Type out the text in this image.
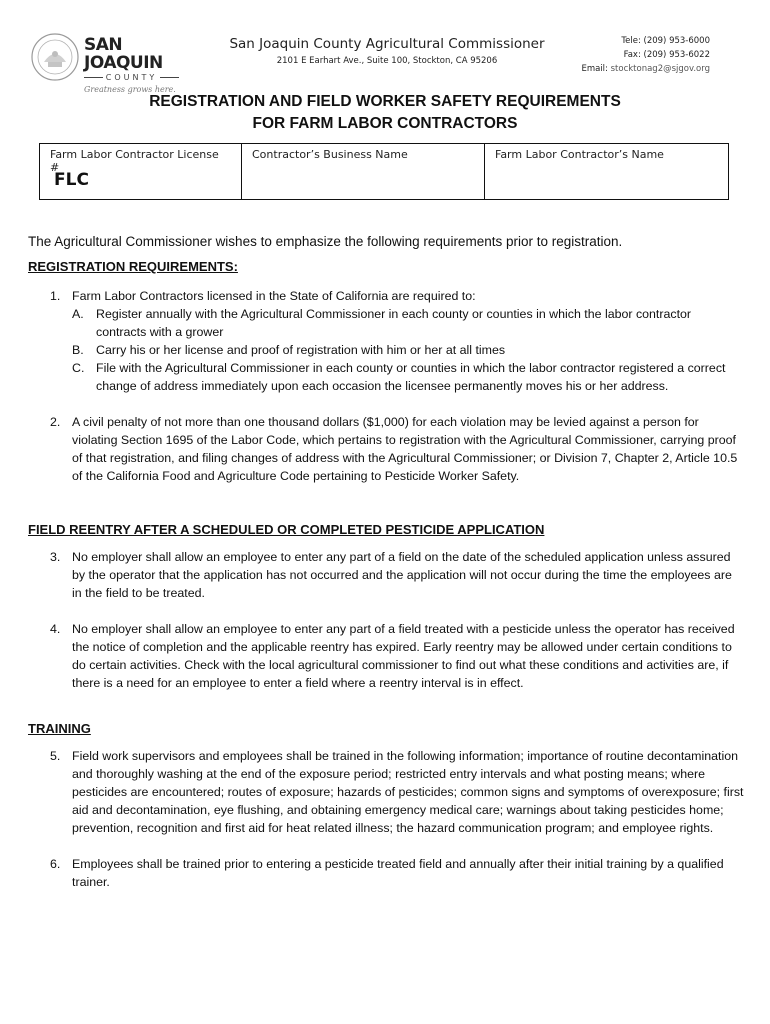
SAN JOAQUIN
COUNTY
Greatness grows here.
San Joaquin County Agricultural Commissioner
2101 E Earhart Ave., Suite 100, Stockton, CA 95206
Tele: (209) 953-6000
Fax: (209) 953-6022
Email: stocktonag2@sjgov.org
REGISTRATION AND FIELD WORKER SAFETY REQUIREMENTS
FOR FARM LABOR CONTRACTORS
Farm Labor Contractor License #
FLC
Contractor’s Business Name	Farm Labor Contractor’s Name

The Agricultural Commissioner wishes to emphasize the following requirements prior to registration.

REGISTRATION REQUIREMENTS:

1. Farm Labor Contractors licensed in the State of California are required to:
A. Register annually with the Agricultural Commissioner in each county or counties in which the labor contractor contracts with a grower
B. Carry his or her license and proof of registration with him or her at all times
C. File with the Agricultural Commissioner in each county or counties in which the labor contractor registered a correct change of address immediately upon each occasion the licensee permanently moves his or her address.
2. A civil penalty of not more than one thousand dollars ($1,000) for each violation may be levied against a person for violating Section 1695 of the Labor Code, which pertains to registration with the Agricultural Commissioner, carrying proof of that registration, and filing changes of address with the Agricultural Commissioner; or Division 7, Chapter 2, Article 10.5 of the California Food and Agriculture Code pertaining to Pesticide Worker Safety.

FIELD REENTRY AFTER A SCHEDULED OR COMPLETED PESTICIDE APPLICATION

3. No employer shall allow an employee to enter any part of a field on the date of the scheduled application unless assured by the operator that the application has not occurred and the application will not occur during the time the employees are in the field to be treated.
4. No employer shall allow an employee to enter any part of a field treated with a pesticide unless the operator has received the notice of completion and the applicable reentry has expired. Early reentry may be allowed under certain conditions to do certain activities. Check with the local agricultural commissioner to find out what these conditions and activities are, if there is a need for an employee to enter a field where a reentry interval is in effect.

TRAINING

5. Field work supervisors and employees shall be trained in the following information; importance of routine decontamination and thoroughly washing at the end of the exposure period; restricted entry intervals and what posting means; where pesticides are encountered; routes of exposure; hazards of pesticides; common signs and symptoms of overexposure; first aid and decontamination, eye flushing, and obtaining emergency medical care; warnings about taking pesticides home; prevention, recognition and first aid for heat related illness; the hazard communication program; and employee rights.
6. Employees shall be trained prior to entering a pesticide treated field and annually after their initial training by a qualified trainer.
